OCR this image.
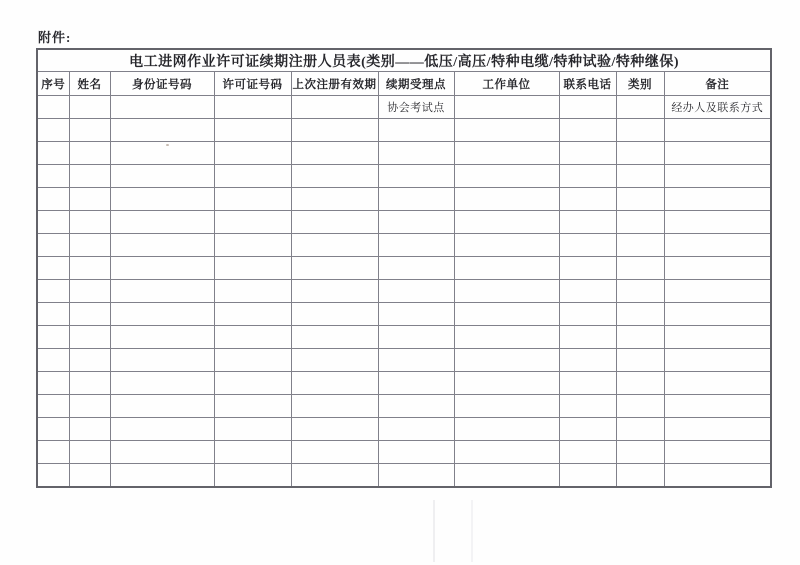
附件:
电工进网作业许可证续期注册人员表(类别——低压/高压/特种电缆/特种试验/特种继保)									
序号	姓名	身份证号码	许可证号码	上次注册有效期	续期受理点	工作单位	联系电话	类别	备注
					协会考试点				经办人及联系方式
